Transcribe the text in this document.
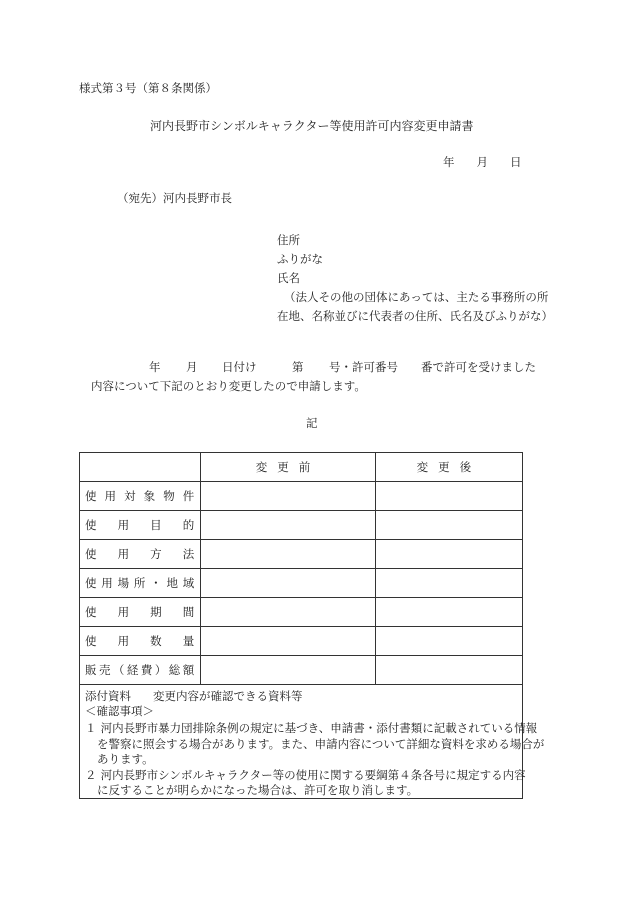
様式第３号（第８条関係）
河内長野市シンボルキャラクター等使用許可内容変更申請書
年 月 日
（宛先）河内長野市長
住所
ふりがな
氏名
（法人その他の団体にあっては、主たる事務所の所
在地、名称並びに代表者の住所、氏名及びふりがな）
年 月 日付け	第 号・許可番号 番で許可を受けました
内容について下記のとおり変更したので申請します。
記
	変更前	変更後
使用対象物件		
使用目的		
使用方法		
使用場所・地域		
使用期間		
使用数量		
販売（経費）総額		
添付資料 変更内容が確認できる資料等
＜確認事項＞
１ 河内長野市暴力団排除条例の規定に基づき、申請書・添付書類に記載されている情報
を警察に照会する場合があります。また、申請内容について詳細な資料を求める場合が
あります。
２ 河内長野市シンボルキャラクター等の使用に関する要綱第４条各号に規定する内容
に反することが明らかになった場合は、許可を取り消します。
